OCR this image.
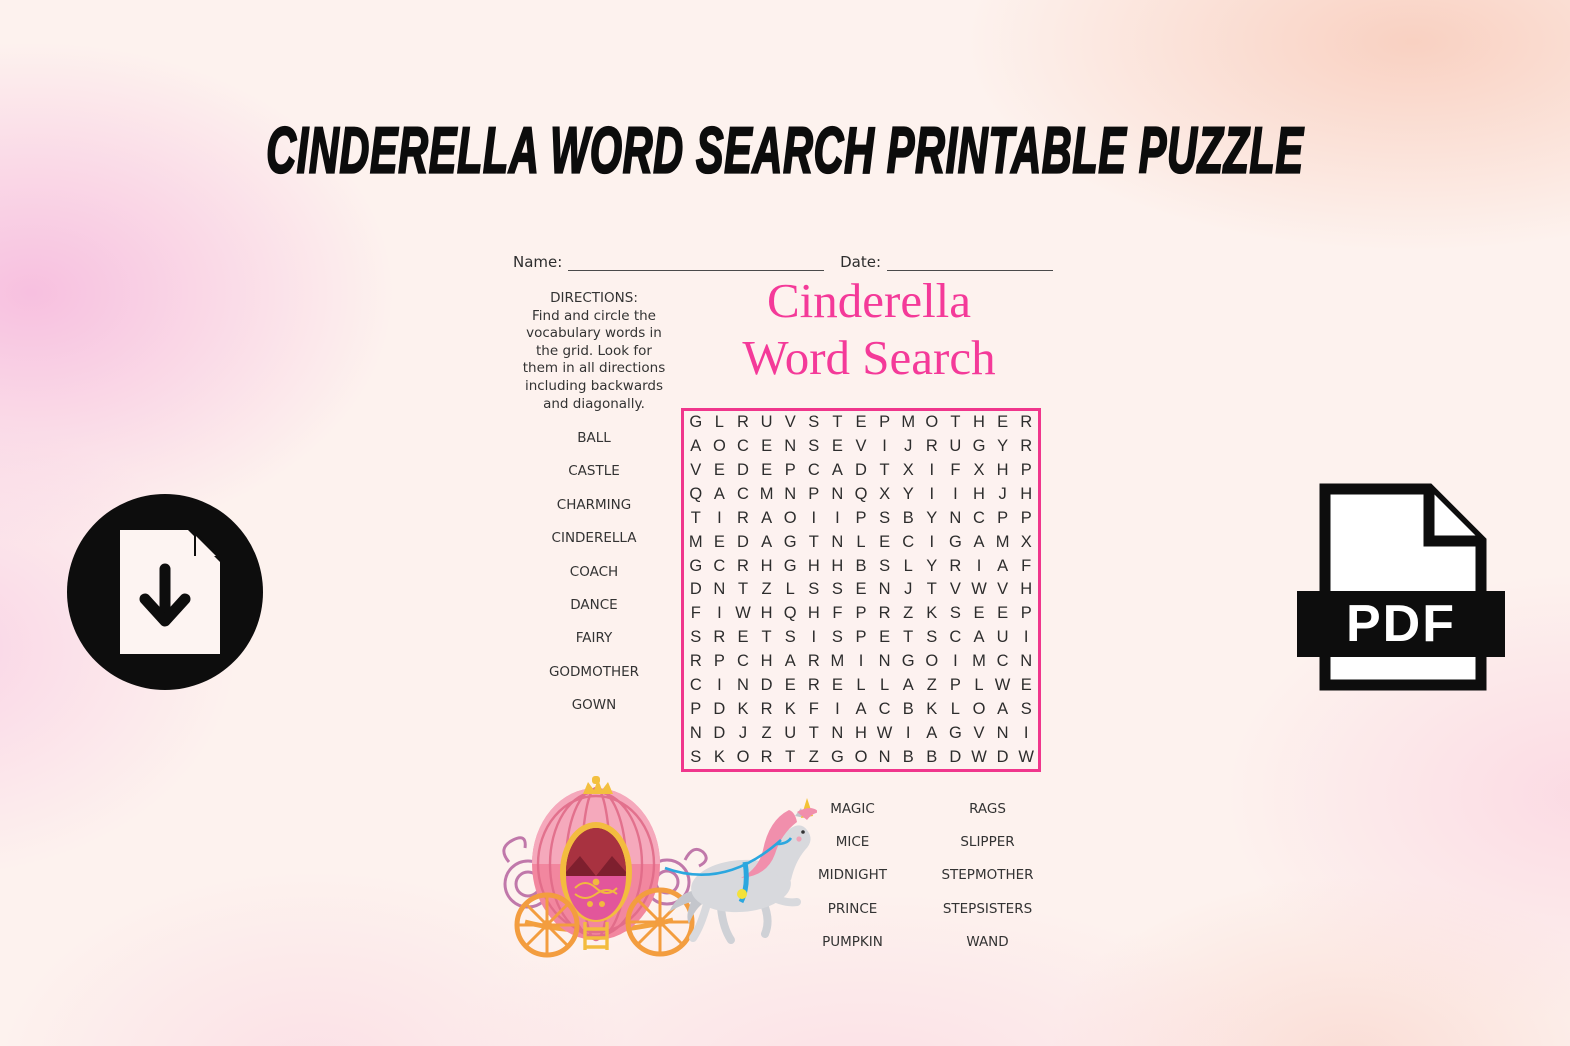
CINDERELLA WORD SEARCH PRINTABLE PUZZLE
PDF
Name:	Date:
DIRECTIONS:
Find and circle the
vocabulary words in
the grid. Look for
them in all directions
including backwards
and diagonally.
Cinderella
Word Search
BALL
CASTLE
CHARMING
CINDERELLA
COACH
DANCE
FAIRY
GODMOTHER
GOWN
G L R U V S T E P M O T H E R
A O C E N S E V I	J R U G Y R
V E D E P C A D T X I F X H P
Q A C M N P N Q X Y I	I H J H
T I R A O I	I P S B Y N C P P
M E D A G T N L E C I G A M X
G C R H G H H B S L Y R I A F
D N T Z L S S E N J T V W V H
F I W H Q H F P R Z K S E E P
S R E T S I S P E T S C A U I
R P C H A R M I N G O I M C N
C I N D E R E L L A Z P L W E
P D K R K F I A C B K L O A S
N D J Z U T N H W I A G V N I
S K O R T Z G O N B B D W D W
MAGIC
MICE
MIDNIGHT
PRINCE
PUMPKIN
RAGS
SLIPPER
STEPMOTHER
STEPSISTERS
WAND
